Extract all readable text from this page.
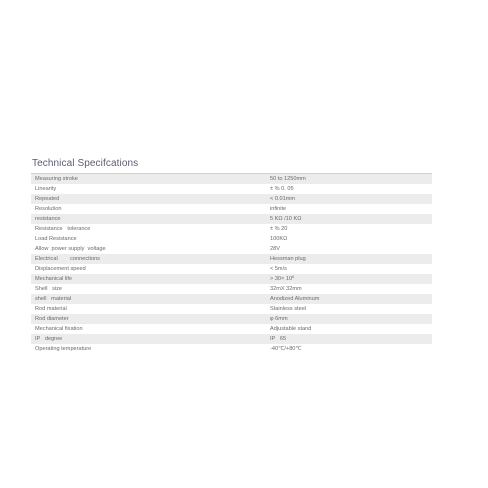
Technical Specifcations
Measuring stroke	50 to 1250mm
Linearity	± % 0. 05
Repeated	< 0.01mm
Resolution	infinite
resistance	5 KΩ /10 KΩ
Resistance   tolerance	± % 20
Load Resistance	100KΩ
Allow  power supply  voltage	28V
Electrical        connections	Hessman plug
Displacement speed	< 5m/s
Mechanical life	> $30\times 10^6$
Shell   size	32mX 32mm
shell   material	Anodized Aluminum
Rod material	Stainless steel
Rod diameter	φ 6mm
Mechanical fixation	Adjustable stand
IP   degree	IP   65
Operating temperature	-40℃/+80℃
